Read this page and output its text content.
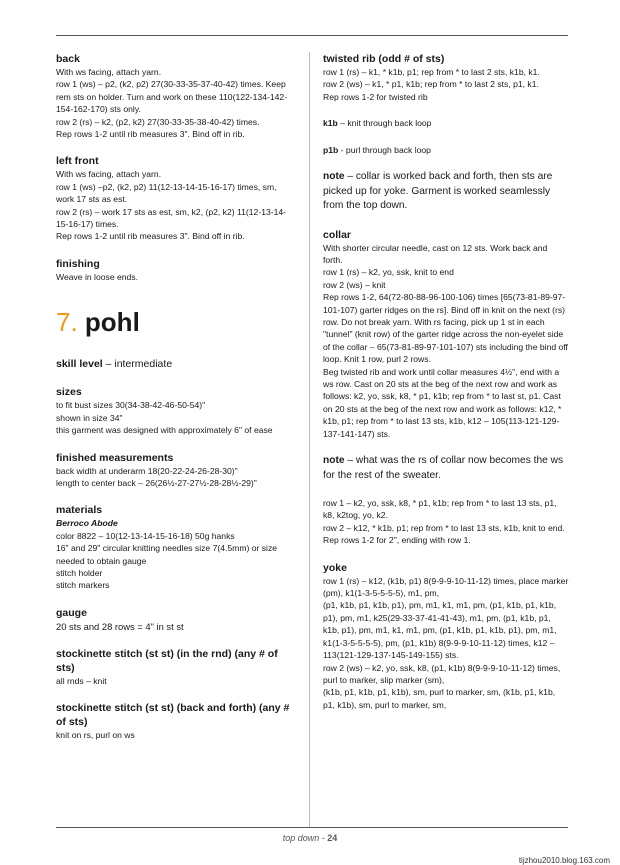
back

With ws facing, attach yarn.

row 1 (ws) – p2, (k2, p2) 27(30-33-35-37-40-42) times. Keep rem sts on holder. Turn and work on these 110(122-134-142-154-162-170) sts only.

row 2 (rs) – k2, (p2, k2) 27(30-33-35-38-40-42) times.

Rep rows 1-2 until rib measures 3". Bind off in rib.

left front

With ws facing, attach yarn.

row 1 (ws) –p2, (k2, p2) 11(12-13-14-15-16-17) times, sm, work 17 sts as est.

row 2 (rs) – work 17 sts as est, sm, k2, (p2, k2) 11(12-13-14-15-16-17) times.

Rep rows 1-2 until rib measures 3". Bind off in rib.

finishing

Weave in loose ends.

7. pohl

skill level – intermediate

sizes

to fit bust sizes 30(34-38-42-46-50-54)"

shown in size 34"

this garment was designed with approximately 6" of ease

finished measurements

back width at underarm 18(20-22-24-26-28-30)"

length to center back – 26(26½-27-27½-28-28½-29)"

materials

Berroco Abode

color 8822 – 10(12-13-14-15-16-18) 50g hanks

16" and 29" circular knitting needles size 7(4.5mm) or size needed to obtain gauge

stitch holder

stitch markers

gauge

20 sts and 28 rows = 4" in st st

stockinette stitch (st st) (in the rnd) (any # of sts)

all rnds – knit

stockinette stitch (st st) (back and forth) (any # of sts)

knit on rs, purl on ws

twisted rib (odd # of sts)

row 1 (rs) – k1, * k1b, p1; rep from * to last 2 sts, k1b, k1.

row 2 (ws) – k1, * p1, k1b; rep from * to last 2 sts, p1, k1.

Rep rows 1-2 for twisted rib

k1b – knit through back loop

p1b - purl through back loop

note – collar is worked back and forth, then sts are picked up for yoke. Garment is worked seamlessly from the top down.

collar

With shorter circular needle, cast on 12 sts. Work back and forth.

row 1 (rs) – k2, yo, ssk, knit to end

row 2 (ws) – knit

Rep rows 1-2, 64(72-80-88-96-100-106) times [65(73-81-89-97-101-107) garter ridges on the rs]. Bind off in knit on the next (rs) row. Do not break yarn. With rs facing, pick up 1 st in each "tunnel" (knit row) of the garter ridge across the non-eyelet side of the collar – 65(73-81-89-97-101-107) sts including the bind off loop. Knit 1 row, purl 2 rows.

Beg twisted rib and work until collar measures 4½", end with a ws row. Cast on 20 sts at the beg of the next row and work as follows: k2, yo, ssk, k8, * p1, k1b; rep from * to last st, p1. Cast on 20 sts at the beg of the next row and work as follows: k12, * k1b, p1; rep from * to last 13 sts, k1b, k12 – 105(113-121-129-137-141-147) sts.

note – what was the rs of collar now becomes the ws for the rest of the sweater.

row 1 – k2, yo, ssk, k8, * p1, k1b; rep from * to last 13 sts, p1, k8, k2tog, yo, k2.

row 2 – k12, * k1b, p1; rep from * to last 13 sts, k1b, knit to end.

Rep rows 1-2 for 2", ending with row 1.

yoke

row 1 (rs) – k12, (k1b, p1) 8(9-9-9-10-11-12) times, place marker (pm), k1(1-3-5-5-5-5), m1, pm,

(p1, k1b, p1, k1b, p1), pm, m1, k1, m1, pm, (p1, k1b, p1, k1b, p1), pm, m1, k25(29-33-37-41-41-43), m1, pm, (p1, k1b, p1, k1b, p1), pm, m1, k1, m1, pm, (p1, k1b, p1, k1b, p1), pm, m1, k1(1-3-5-5-5-5), pm, (p1, k1b) 8(9-9-9-10-11-12) times, k12 – 113(121-129-137-145-149-155) sts.

row 2 (ws) – k2, yo, ssk, k8, (p1, k1b) 8(9-9-9-10-11-12) times, purl to marker, slip marker (sm),

(k1b, p1, k1b, p1, k1b), sm, purl to marker, sm, (k1b, p1, k1b, p1, k1b), sm, purl to marker, sm,

top down - 24
tijzhou2010.blog.163.com
